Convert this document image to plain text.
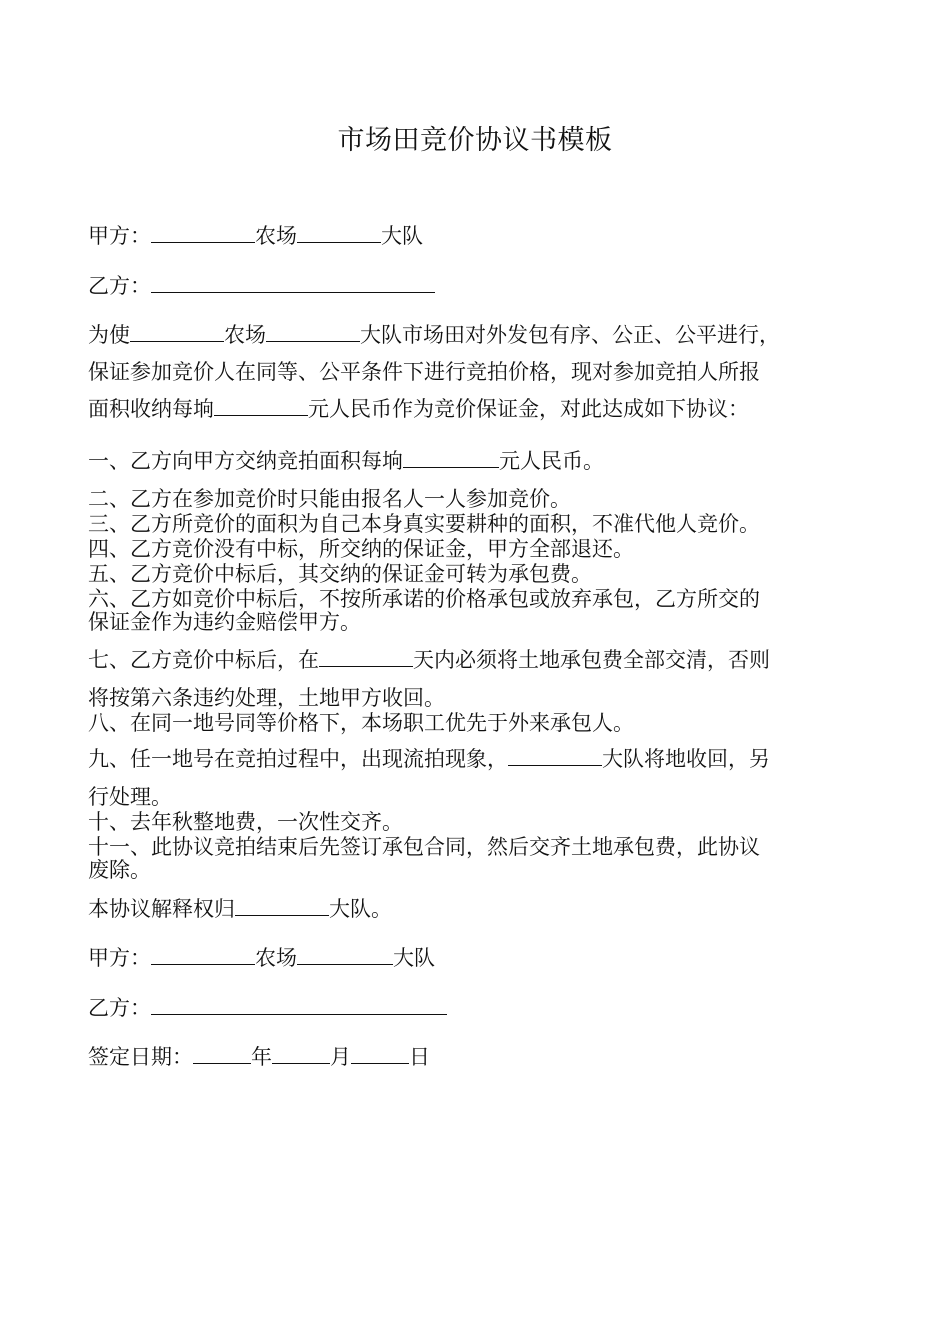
市场田竞价协议书模板
甲方：	农场	大队
乙方：
为使	农场	大队市场田对外发包有序、公正、公平进行，
保证参加竞价人在同等、公平条件下进行竞拍价格，现对参加竞拍人所报
面积收纳每垧	元人民币作为竞价保证金，对此达成如下协议：
一、乙方向甲方交纳竞拍面积每垧	元人民币。
二、乙方在参加竞价时只能由报名人一人参加竞价。
三、乙方所竞价的面积为自己本身真实要耕种的面积，不准代他人竞价。
四、乙方竞价没有中标，所交纳的保证金，甲方全部退还。
五、乙方竞价中标后，其交纳的保证金可转为承包费。
六、乙方如竞价中标后，不按所承诺的价格承包或放弃承包，乙方所交的
保证金作为违约金赔偿甲方。
七、乙方竞价中标后，在	天内必须将土地承包费全部交清，否则
将按第六条违约处理，土地甲方收回。
八、在同一地号同等价格下，本场职工优先于外来承包人。
九、任一地号在竞拍过程中，出现流拍现象，	大队将地收回，另
行处理。
十、去年秋整地费，一次性交齐。
十一、此协议竞拍结束后先签订承包合同，然后交齐土地承包费，此协议
废除。
本协议解释权归	大队。
甲方：	农场	大队
乙方：
签定日期：	年	月	日
